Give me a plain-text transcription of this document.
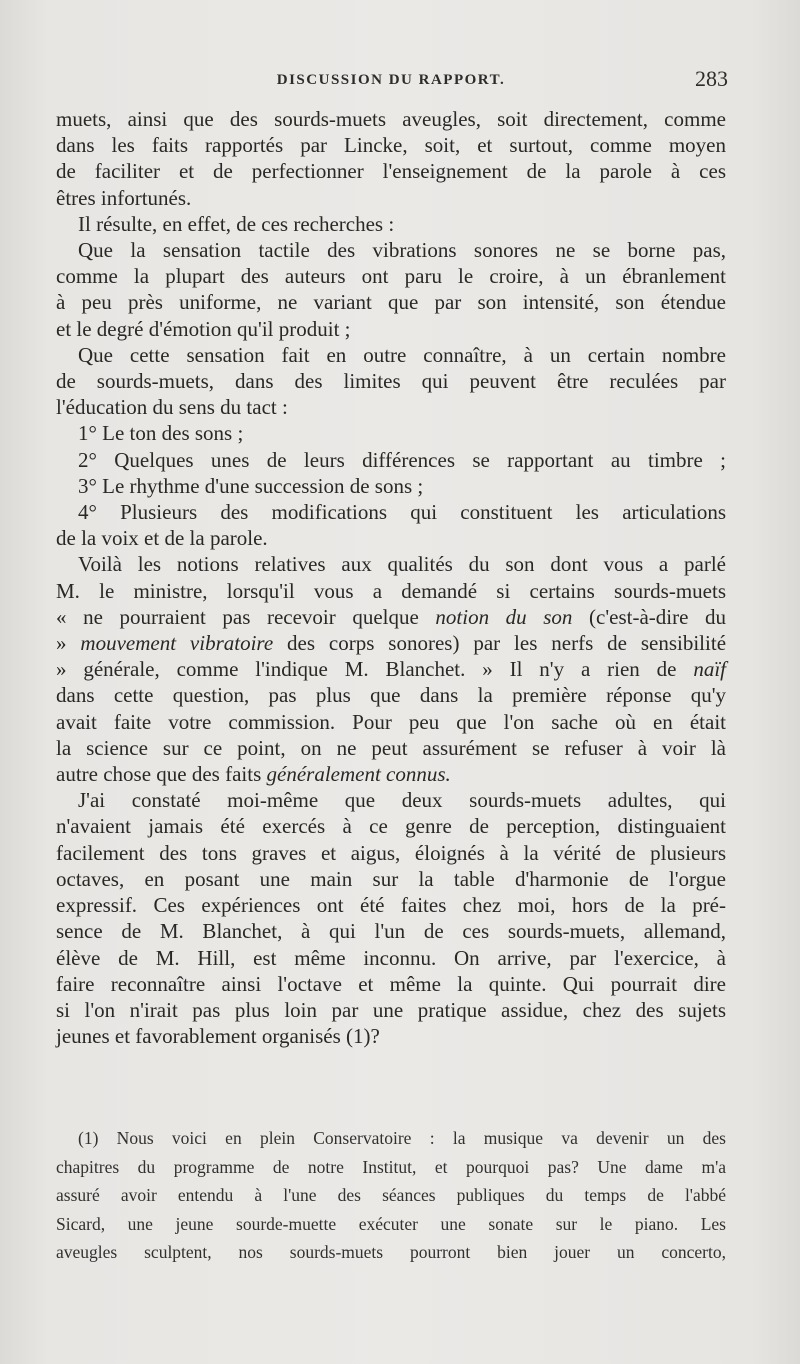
DISCUSSION DU RAPPORT.	283
muets, ainsi que des sourds-muets aveugles, soit directement, comme
dans les faits rapportés par Lincke, soit, et surtout, comme moyen
de faciliter et de perfectionner l'enseignement de la parole à ces
êtres infortunés.
Il résulte, en effet, de ces recherches :
Que la sensation tactile des vibrations sonores ne se borne pas,
comme la plupart des auteurs ont paru le croire, à un ébranlement
à peu près uniforme, ne variant que par son intensité, son étendue
et le degré d'émotion qu'il produit ;
Que cette sensation fait en outre connaître, à un certain nombre
de sourds-muets, dans des limites qui peuvent être reculées par
l'éducation du sens du tact :
1° Le ton des sons ;
2° Quelques unes de leurs différences se rapportant au timbre ;
3° Le rhythme d'une succession de sons ;
4° Plusieurs des modifications qui constituent les articulations
de la voix et de la parole.
Voilà les notions relatives aux qualités du son dont vous a parlé
M. le ministre, lorsqu'il vous a demandé si certains sourds-muets
« ne pourraient pas recevoir quelque notion du son (c'est-à-dire du
» mouvement vibratoire des corps sonores) par les nerfs de sensibilité
» générale, comme l'indique M. Blanchet. » Il n'y a rien de naïf
dans cette question, pas plus que dans la première réponse qu'y
avait faite votre commission. Pour peu que l'on sache où en était
la science sur ce point, on ne peut assurément se refuser à voir là
autre chose que des faits généralement connus.
J'ai constaté moi-même que deux sourds-muets adultes, qui
n'avaient jamais été exercés à ce genre de perception, distinguaient
facilement des tons graves et aigus, éloignés à la vérité de plusieurs
octaves, en posant une main sur la table d'harmonie de l'orgue
expressif. Ces expériences ont été faites chez moi, hors de la pré-
sence de M. Blanchet, à qui l'un de ces sourds-muets, allemand,
élève de M. Hill, est même inconnu. On arrive, par l'exercice, à
faire reconnaître ainsi l'octave et même la quinte. Qui pourrait dire
si l'on n'irait pas plus loin par une pratique assidue, chez des sujets
jeunes et favorablement organisés (1)?
(1) Nous voici en plein Conservatoire : la musique va devenir un des
chapitres du programme de notre Institut, et pourquoi pas? Une dame m'a
assuré avoir entendu à l'une des séances publiques du temps de l'abbé
Sicard, une jeune sourde-muette exécuter une sonate sur le piano. Les
aveugles sculptent, nos sourds-muets pourront bien jouer un concerto,
